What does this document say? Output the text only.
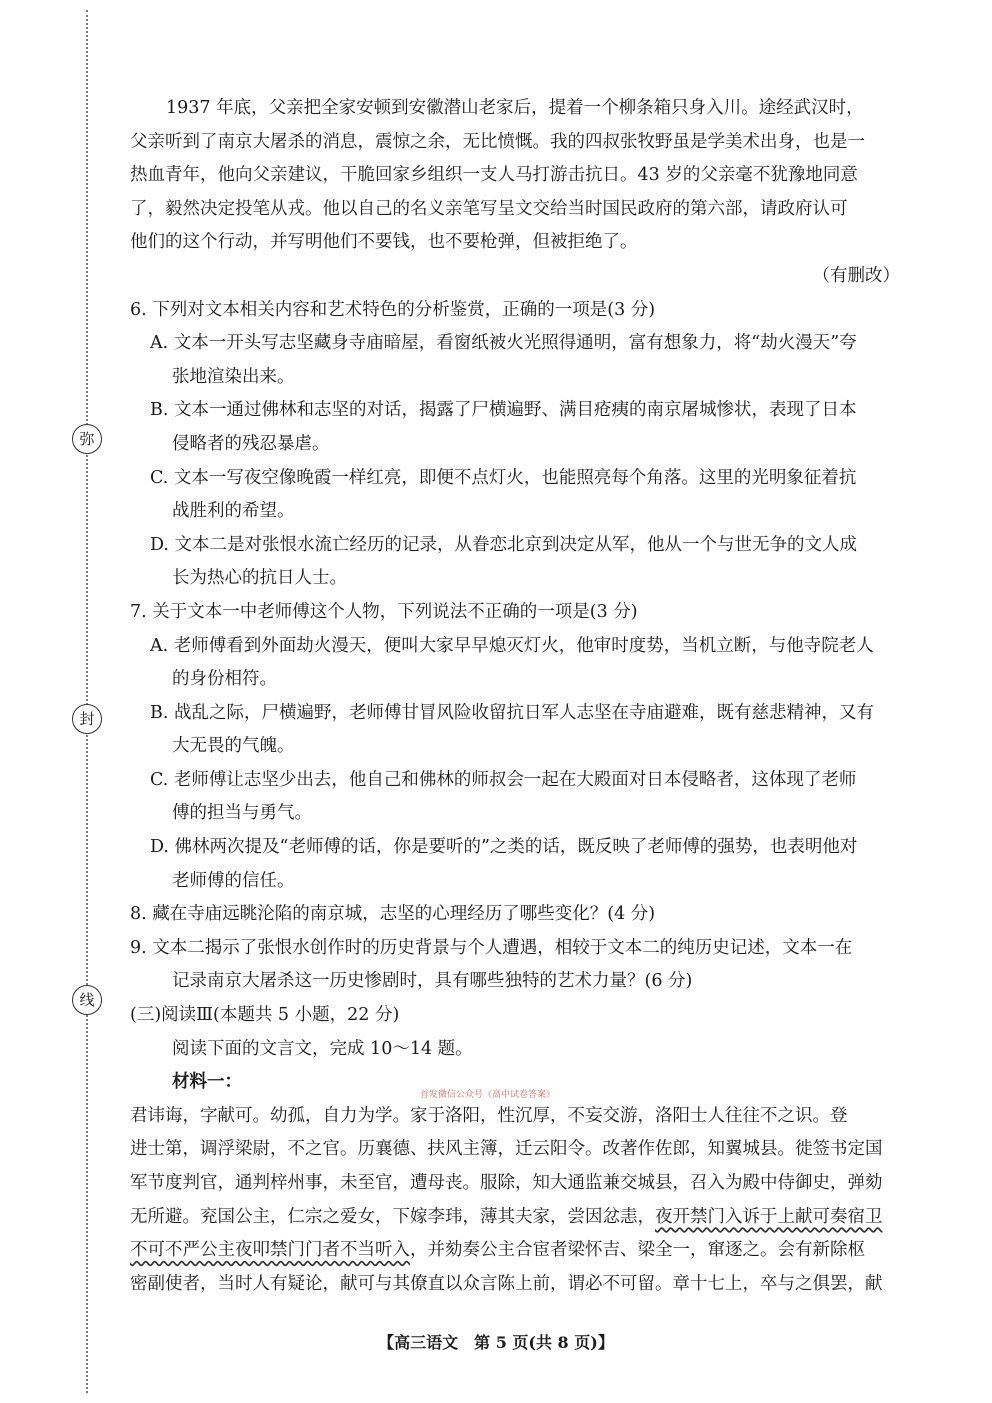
弥
封
线
1937 年底，父亲把全家安顿到安徽潜山老家后，提着一个柳条箱只身入川。途经武汉时，
父亲听到了南京大屠杀的消息，震惊之余，无比愤慨。我的四叔张牧野虽是学美术出身，也是一
热血青年，他向父亲建议，干脆回家乡组织一支人马打游击抗日。43 岁的父亲毫不犹豫地同意
了，毅然决定投笔从戎。他以自己的名义亲笔写呈文交给当时国民政府的第六部，请政府认可
他们的这个行动，并写明他们不要钱，也不要枪弹，但被拒绝了。
（有删改）
6. 下列对文本相关内容和艺术特色的分析鉴赏，正确的一项是(3 分)
A. 文本一开头写志坚藏身寺庙暗屋，看窗纸被火光照得通明，富有想象力，将“劫火漫天”夸
张地渲染出来。
B. 文本一通过佛林和志坚的对话，揭露了尸横遍野、满目疮痍的南京屠城惨状，表现了日本
侵略者的残忍暴虐。
C. 文本一写夜空像晚霞一样红亮，即便不点灯火，也能照亮每个角落。这里的光明象征着抗
战胜利的希望。
D. 文本二是对张恨水流亡经历的记录，从眷恋北京到决定从军，他从一个与世无争的文人成
长为热心的抗日人士。
7. 关于文本一中老师傅这个人物，下列说法不正确的一项是(3 分)
A. 老师傅看到外面劫火漫天，便叫大家早早熄灭灯火，他审时度势，当机立断，与他寺院老人
的身份相符。
B. 战乱之际，尸横遍野，老师傅甘冒风险收留抗日军人志坚在寺庙避难，既有慈悲精神，又有
大无畏的气魄。
C. 老师傅让志坚少出去，他自己和佛林的师叔会一起在大殿面对日本侵略者，这体现了老师
傅的担当与勇气。
D. 佛林两次提及“老师傅的话，你是要听的”之类的话，既反映了老师傅的强势，也表明他对
老师傅的信任。
8. 藏在寺庙远眺沦陷的南京城，志坚的心理经历了哪些变化？(4 分)
9. 文本二揭示了张恨水创作时的历史背景与个人遭遇，相较于文本二的纯历史记述，文本一在
记录南京大屠杀这一历史惨剧时，具有哪些独特的艺术力量？(6 分)
(三)阅读Ⅲ(本题共 5 小题，22 分)
阅读下面的文言文，完成 10～14 题。
材料一：
君讳诲，字献可。幼孤，自力为学。家于洛阳，性沉厚，不妄交游，洛阳士人往往不之识。登
进士第，调浮梁尉，不之官。历襄德、扶风主簿，迁云阳令。改著作佐郎，知翼城县。徙签书定国
军节度判官，通判梓州事，未至官，遭母丧。服除，知大通监兼交城县，召入为殿中侍御史，弹劾
无所避。兖国公主，仁宗之爱女，下嫁李玮，薄其夫家，尝因忿恚，夜开禁门入诉于上献可奏宿卫
不可不严公主夜叩禁门门者不当听入，并劾奏公主合宦者梁怀吉、梁全一，窜逐之。会有新除枢
密副使者，当时人有疑论，献可与其僚直以众言陈上前，谓必不可留。章十七上，卒与之俱罢，献
首发微信公众号《高中试卷答案》
【高三语文　第 5 页(共 8 页)】
